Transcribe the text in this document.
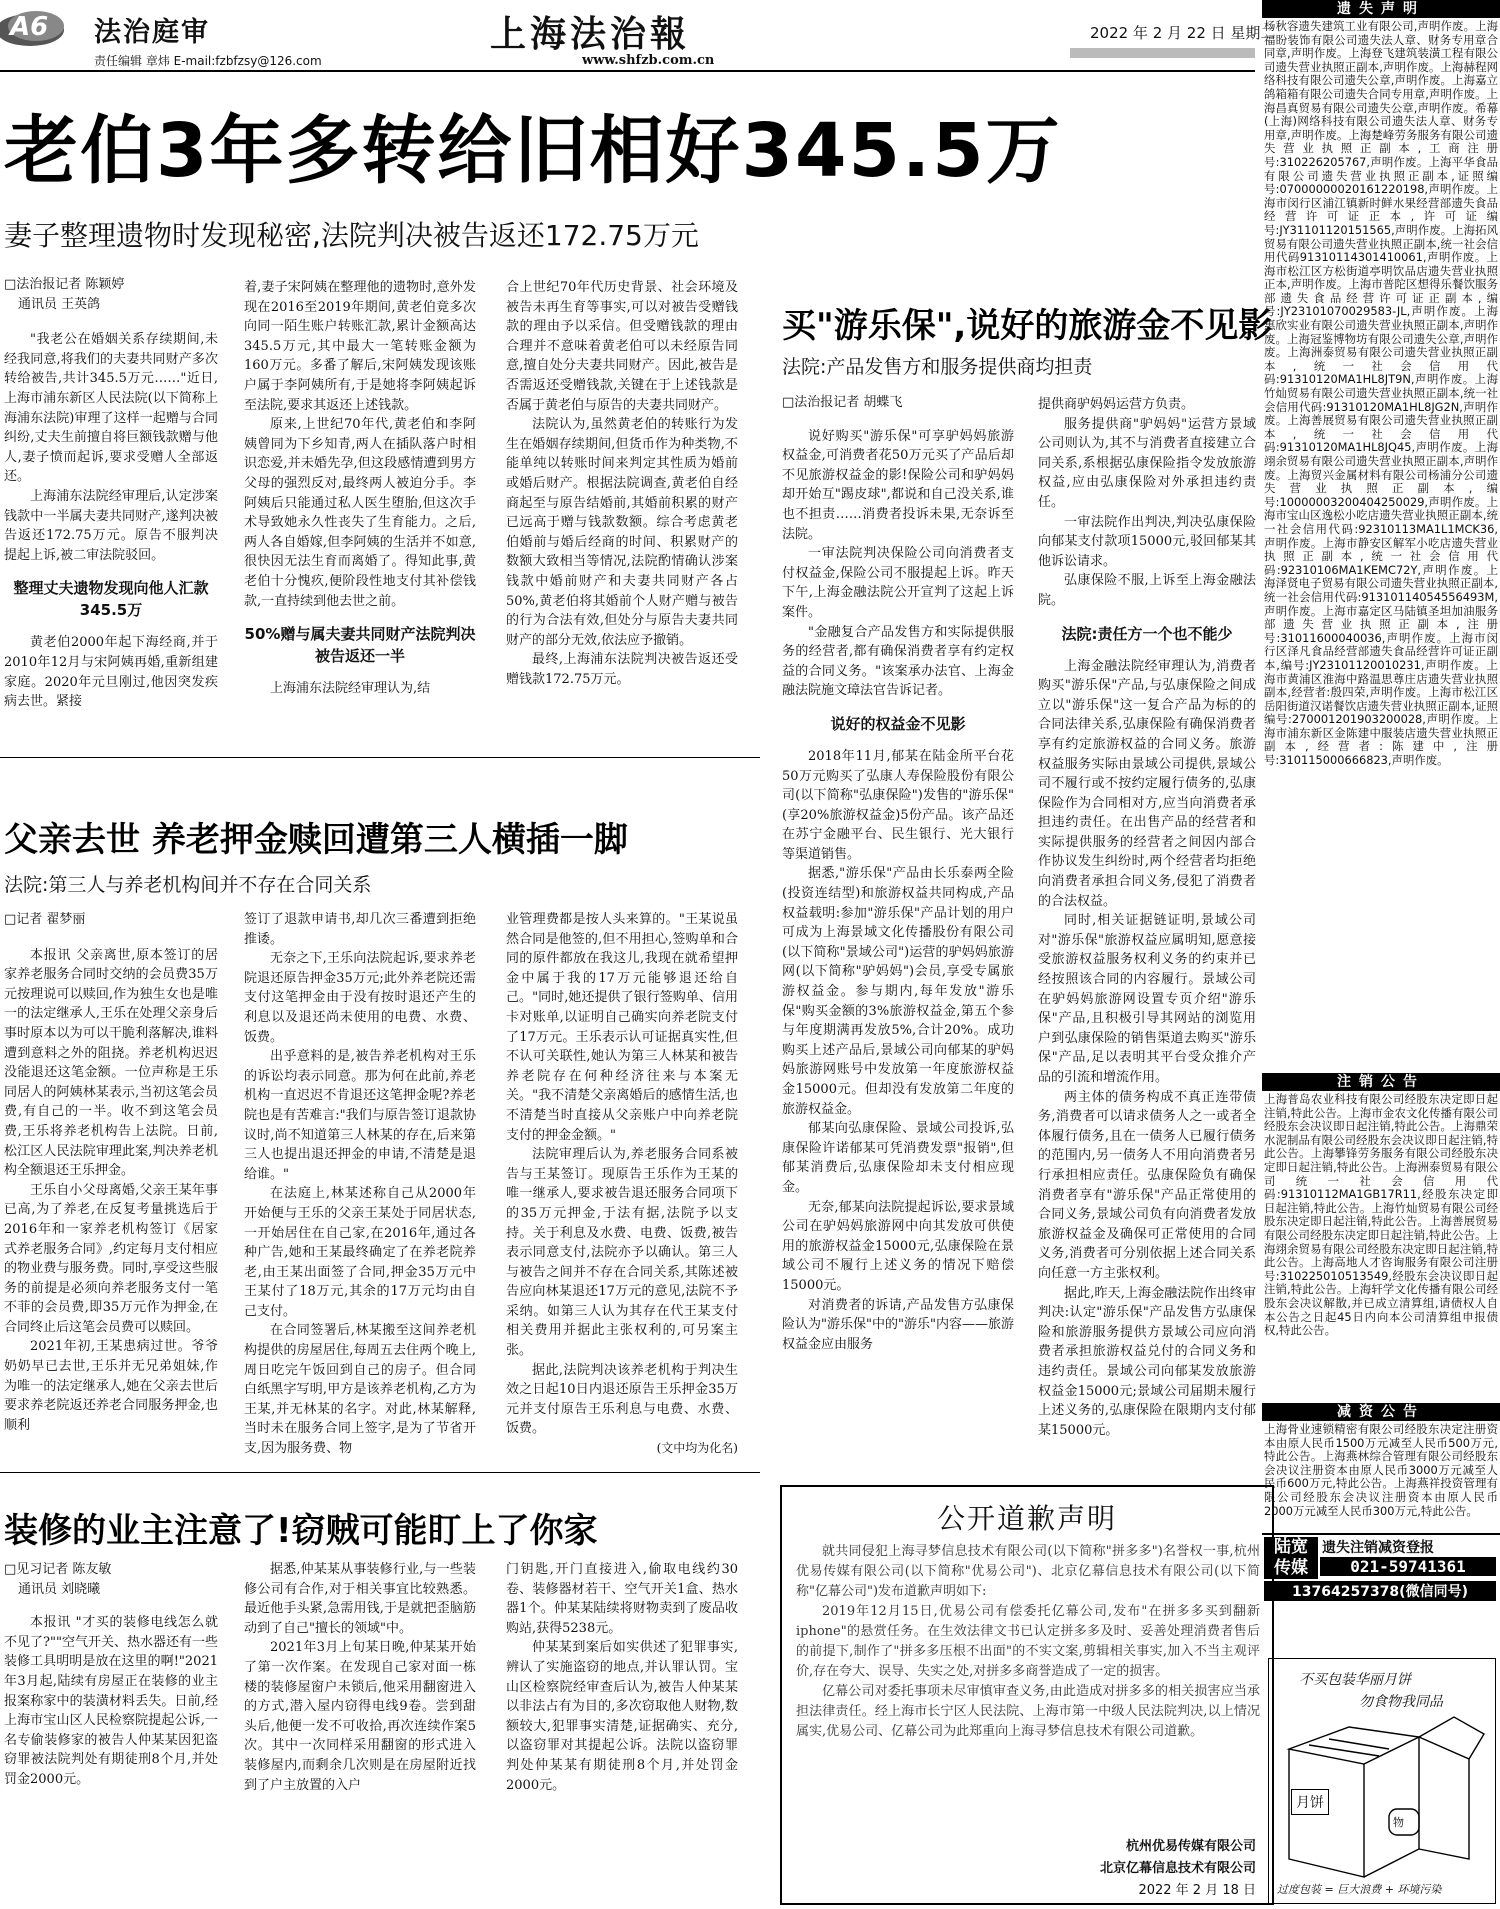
A6 法治庭审
责任编辑 章炜 E-mail:fzbfzsy@126.com
上海法治報
www.shfzb.com.cn
2022 年 2 月 22 日 星期二
老伯3年多转给旧相好345.5万
妻子整理遗物时发现秘密,法院判决被告返还172.75万元
□法治报记者 陈颖婷
通讯员 王英鸽

"我老公在婚姻关系存续期间,未经我同意,将我们的夫妻共同财产多次转给被告,共计345.5万元……"近日,上海市浦东新区人民法院(以下简称上海浦东法院)审理了这样一起赠与合同纠纷,丈夫生前擅自将巨额钱款赠与他人,妻子愤而起诉,要求受赠人全部返还。

上海浦东法院经审理后,认定涉案钱款中一半属夫妻共同财产,遂判决被告返还172.75万元。原告不服判决提起上诉,被二审法院驳回。

整理丈夫遗物发现向他人汇款345.5万

黄老伯2000年起下海经商,并于2010年12月与宋阿姨再婚,重新组建家庭。2020年元旦刚过,他因突发疾病去世。紧接

着,妻子宋阿姨在整理他的遗物时,意外发现在2016至2019年期间,黄老伯竟多次向同一陌生账户转账汇款,累计金额高达345.5万元,其中最大一笔转账金额为160万元。多番了解后,宋阿姨发现该账户属于李阿姨所有,于是她将李阿姨起诉至法院,要求其返还上述钱款。

原来,上世纪70年代,黄老伯和李阿姨曾同为下乡知青,两人在插队落户时相识恋爱,并未婚先孕,但这段感情遭到男方父母的强烈反对,最终两人被迫分手。李阿姨后只能通过私人医生堕胎,但这次手术导致她永久性丧失了生育能力。之后,两人各自婚嫁,但李阿姨的生活并不如意,很快因无法生育而离婚了。得知此事,黄老伯十分愧疚,便阶段性地支付其补偿钱款,一直持续到他去世之前。

50%赠与属夫妻共同财产法院判决被告返还一半

上海浦东法院经审理认为,结

合上世纪70年代历史背景、社会环境及被告未再生育等事实,可以对被告受赠钱款的理由予以采信。但受赠钱款的理由合理并不意味着黄老伯可以未经原告同意,擅自处分夫妻共同财产。因此,被告是否需返还受赠钱款,关键在于上述钱款是否属于黄老伯与原告的夫妻共同财产。

法院认为,虽然黄老伯的转账行为发生在婚姻存续期间,但货币作为种类物,不能单纯以转账时间来判定其性质为婚前或婚后财产。根据法院调查,黄老伯自经商起至与原告结婚前,其婚前积累的财产已远高于赠与钱款数额。综合考虑黄老伯婚前与婚后经商的时间、积累财产的数额大致相当等情况,法院酌情确认涉案钱款中婚前财产和夫妻共同财产各占50%,黄老伯将其婚前个人财产赠与被告的行为合法有效,但处分与原告夫妻共同财产的部分无效,依法应予撤销。

最终,上海浦东法院判决被告返还受赠钱款172.75万元。

父亲去世 养老押金赎回遭第三人横插一脚
法院:第三人与养老机构间并不存在合同关系
□记者 翟梦丽

本报讯 父亲离世,原本签订的居家养老服务合同时交纳的会员费35万元按理说可以赎回,作为独生女也是唯一的法定继承人,王乐在处理父亲身后事时原本以为可以干脆利落解决,谁料遭到意料之外的阻挠。养老机构迟迟没能退还这笔金额。一位声称是王乐同居人的阿姨林某表示,当初这笔会员费,有自己的一半。收不到这笔会员费,王乐将养老机构告上法院。日前,松江区人民法院审理此案,判决养老机构全额退还王乐押金。

王乐自小父母离婚,父亲王某年事已高,为了养老,在反复考量挑选后于2016年和一家养老机构签订《居家式养老服务合同》,约定每月支付相应的物业费与服务费。同时,享受这些服务的前提是必须向养老服务支付一笔不菲的会员费,即35万元作为押金,在合同终止后这笔会员费可以赎回。

2021年初,王某患病过世。爷爷奶奶早已去世,王乐并无兄弟姐妹,作为唯一的法定继承人,她在父亲去世后要求养老院返还养老合同服务押金,也顺利

签订了退款申请书,却几次三番遭到拒绝推诿。

无奈之下,王乐向法院起诉,要求养老院退还原告押金35万元;此外养老院还需支付这笔押金由于没有按时退还产生的利息以及退还尚未使用的电费、水费、饭费。

出乎意料的是,被告养老机构对王乐的诉讼均表示同意。那为何在此前,养老机构一直迟迟不肯退还这笔押金呢?养老院也是有苦难言:"我们与原告签订退款协议时,尚不知道第三人林某的存在,后来第三人也提出退还押金的申请,不清楚是退给谁。"

在法庭上,林某述称自己从2000年开始便与王乐的父亲王某处于同居状态,一开始居住在自己家,在2016年,通过各种广告,她和王某最终确定了在养老院养老,由王某出面签了合同,押金35万元中王某付了18万元,其余的17万元均由自己支付。

在合同签署后,林某搬至这间养老机构提供的房屋居住,每周五去住两个晚上,周日吃完午饭回到自己的房子。但合同白纸黑字写明,甲方是该养老机构,乙方为王某,并无林某的名字。对此,林某解释,当时未在服务合同上签字,是为了节省开支,因为服务费、物

业管理费都是按人头来算的。"王某说虽然合同是他签的,但不用担心,签购单和合同的原件都放在我这儿,我现在就希望押金中属于我的17万元能够退还给自己。"同时,她还提供了银行签购单、信用卡对账单,以证明自己确实向养老院支付了17万元。王乐表示认可证据真实性,但不认可关联性,她认为第三人林某和被告养老院存在何种经济往来与本案无关。"我不清楚父亲离婚后的感情生活,也不清楚当时直接从父亲账户中向养老院支付的押金金额。"

法院审理后认为,养老服务合同系被告与王某签订。现原告王乐作为王某的唯一继承人,要求被告退还服务合同项下的35万元押金,于法有据,法院予以支持。关于利息及水费、电费、饭费,被告表示同意支付,法院亦予以确认。第三人与被告之间并不存在合同关系,其陈述被告应向林某退还17万元的意见,法院不予采纳。如第三人认为其存在代王某支付相关费用并据此主张权利的,可另案主张。

据此,法院判决该养老机构于判决生效之日起10日内退还原告王乐押金35万元并支付原告王乐利息与电费、水费、饭费。

(文中均为化名)
买"游乐保",说好的旅游金不见影
法院:产品发售方和服务提供商均担责
□法治报记者 胡蝶飞

说好购买"游乐保"可享驴妈妈旅游权益金,可消费者花50万元买了产品后却不见旅游权益金的影!保险公司和驴妈妈却开始互"踢皮球",都说和自己没关系,谁也不担责……消费者投诉未果,无奈诉至法院。

一审法院判决保险公司向消费者支付权益金,保险公司不服提起上诉。昨天下午,上海金融法院公开宣判了这起上诉案件。

"金融复合产品发售方和实际提供服务的经营者,都有确保消费者享有约定权益的合同义务。"该案承办法官、上海金融法院施文璋法官告诉记者。

说好的权益金不见影

2018年11月,郁某在陆金所平台花50万元购买了弘康人寿保险股份有限公司(以下简称"弘康保险")发售的"游乐保"(享20%旅游权益金)5份产品。该产品还在苏宁金融平台、民生银行、光大银行等渠道销售。

据悉,"游乐保"产品由长乐泰两全险(投资连结型)和旅游权益共同构成,产品权益载明:参加"游乐保"产品计划的用户可成为上海景域文化传播股份有限公司(以下简称"景域公司")运营的驴妈妈旅游网(以下简称"驴妈妈")会员,享受专属旅游权益金。参与期内,每年发放"游乐保"购买金额的3%旅游权益金,第五个参与年度期满再发放5%,合计20%。成功购买上述产品后,景域公司向郁某的驴妈妈旅游网账号中发放第一年度旅游权益金15000元。但却没有发放第二年度的旅游权益金。

郁某向弘康保险、景域公司投诉,弘康保险许诺郁某可凭消费发票"报销",但郁某消费后,弘康保险却未支付相应现金。

无奈,郁某向法院提起诉讼,要求景域公司在驴妈妈旅游网中向其发放可供使用的旅游权益金15000元,弘康保险在景域公司不履行上述义务的情况下赔偿15000元。

对消费者的诉请,产品发售方弘康保险认为"游乐保"中的"游乐"内容——旅游权益金应由服务

提供商驴妈妈运营方负责。

服务提供商"驴妈妈"运营方景域公司则认为,其不与消费者直接建立合同关系,系根据弘康保险指令发放旅游权益,应由弘康保险对外承担违约责任。

一审法院作出判决,判决弘康保险向郁某支付款项15000元,驳回郁某其他诉讼请求。

弘康保险不服,上诉至上海金融法院。

法院:责任方一个也不能少

上海金融法院经审理认为,消费者购买"游乐保"产品,与弘康保险之间成立以"游乐保"这一复合产品为标的的合同法律关系,弘康保险有确保消费者享有约定旅游权益的合同义务。旅游权益服务实际由景域公司提供,景域公司不履行或不按约定履行债务的,弘康保险作为合同相对方,应当向消费者承担违约责任。在出售产品的经营者和实际提供服务的经营者之间因内部合作协议发生纠纷时,两个经营者均拒绝向消费者承担合同义务,侵犯了消费者的合法权益。

同时,相关证据链证明,景域公司对"游乐保"旅游权益应属明知,愿意接受旅游权益服务权利义务的约束并已经按照该合同的内容履行。景域公司在驴妈妈旅游网设置专页介绍"游乐保"产品,且积极引导其网站的浏览用户到弘康保险的销售渠道去购买"游乐保"产品,足以表明其平台受众推介产品的引流和增流作用。

两主体的债务构成不真正连带债务,消费者可以请求债务人之一或者全体履行债务,且在一债务人已履行债务的范围内,另一债务人不用向消费者另行承担相应责任。弘康保险负有确保消费者享有"游乐保"产品正常使用的合同义务,景域公司负有向消费者发放旅游权益金及确保可正常使用的合同义务,消费者可分别依据上述合同关系向任意一方主张权利。

据此,昨天,上海金融法院作出终审判决:认定"游乐保"产品发售方弘康保险和旅游服务提供方景域公司应向消费者承担旅游权益兑付的合同义务和违约责任。景域公司向郁某发放旅游权益金15000元;景域公司届期未履行上述义务的,弘康保险在限期内支付郁某15000元。

装修的业主注意了!窃贼可能盯上了你家
□见习记者 陈友敏
通讯员 刘晓曦

本报讯 "才买的装修电线怎么就不见了?""空气开关、热水器还有一些装修工具明明是放在这里的啊!"2021年3月起,陆续有房屋正在装修的业主报案称家中的装潢材料丢失。日前,经上海市宝山区人民检察院提起公诉,一名专偷装修家的被告人仲某某因犯盗窃罪被法院判处有期徒刑8个月,并处罚金2000元。

据悉,仲某某从事装修行业,与一些装修公司有合作,对于相关事宜比较熟悉。最近他手头紧,急需用钱,于是就把歪脑筋动到了自己"擅长的领域"中。

2021年3月上旬某日晚,仲某某开始了第一次作案。在发现自己家对面一栋楼的装修屋窗户未锁后,他采用翻窗进入的方式,潜入屋内窃得电线9卷。尝到甜头后,他便一发不可收拾,再次连续作案5次。其中一次同样采用翻窗的形式进入装修屋内,而剩余几次则是在房屋附近找到了户主放置的入户

门钥匙,开门直接进入,偷取电线约30卷、装修器材若干、空气开关1盒、热水器1个。仲某某陆续将财物卖到了废品收购站,获得5238元。

仲某某到案后如实供述了犯罪事实,辨认了实施盗窃的地点,并认罪认罚。宝山区检察院经审查后认为,被告人仲某某以非法占有为目的,多次窃取他人财物,数额较大,犯罪事实清楚,证据确实、充分,以盗窃罪对其提起公诉。法院以盗窃罪判处仲某某有期徒刑8个月,并处罚金2000元。

公开道歉声明

就共同侵犯上海寻梦信息技术有限公司(以下简称"拼多多")名誉权一事,杭州优易传媒有限公司(以下简称"优易公司")、北京亿幕信息技术有限公司(以下简称"亿幕公司")发布道歉声明如下:

2019年12月15日,优易公司有偿委托亿幕公司,发布"在拼多多买到翻新iphone"的悬赏任务。在生效法律文书已认定拼多多及时、妥善处理消费者售后的前提下,制作了"拼多多压根不出面"的不实文案,剪辑相关事实,加入不当主观评价,存在夸大、误导、失实之处,对拼多多商誉造成了一定的损害。

亿幕公司对委托事项未尽审慎审查义务,由此造成对拼多多的相关损害应当承担法律责任。经上海市长宁区人民法院、上海市第一中级人民法院判决,以上情况属实,优易公司、亿幕公司为此郑重向上海寻梦信息技术有限公司道歉。

杭州优易传媒有限公司
北京亿幕信息技术有限公司
2022 年 2 月 18 日
遗失声明
杨秋容遗失建筑工业有限公司,声明作废。上海福盼装饰有限公司遗失法人章、财务专用章合同章,声明作废。上海登飞建筑装潢工程有限公司遗失营业执照正副本,声明作废。上海赫程网络科技有限公司遗失公章,声明作废。上海嘉立鸽箱箱有限公司遗失合同专用章,声明作废。上海昌真贸易有限公司遗失公章,声明作废。希幕(上海)网络科技有限公司遗失法人章、财务专用章,声明作废。上海楚峰劳务服务有限公司遗失营业执照正副本,工商注册号:310226205767,声明作废。上海平华食品有限公司遗失营业执照正副本,证照编号:07000000020161220198,声明作废。上海市闵行区浦江镇新时鲜水果经营部遗失食品经营许可证正本,许可证编号:JY31101120151565,声明作废。上海拓风贸易有限公司遗失营业执照正副本,统一社会信用代码91310114301410061,声明作废。上海市松江区方松街道亭明饮品店遗失营业执照正本,声明作废。上海市普陀区想得乐餐饮服务部遗失食品经营许可证正副本,编号:JY23101070029583-JL,声明作废。上海惠欣实业有限公司遗失营业执照正副本,声明作废。上海冠鉴博物坊有限公司遗失公章,声明作废。上海洲泰贸易有限公司遗失营业执照正副本,统一社会信用代码:91310120MA1HL8JT9N,声明作废。上海竹灿贸易有限公司遗失营业执照正副本,统一社会信用代码:91310120MA1HL8JG2N,声明作废。上海善展贸易有限公司遗失营业执照正副本,统一社会信用代码:91310120MA1HL8JQ45,声明作废。上海翊余贸易有限公司遗失营业执照正副本,声明作废。上海贸兴金属材料有限公司杨浦分公司遗失营业执照正副本,编号:10000003200404250029,声明作废。上海市宝山区逸松小吃店遗失营业执照正副本,统一社会信用代码:92310113MA1L1MCK36,声明作废。上海市静安区解军小吃店遗失营业执照正副本,统一社会信用代码:92310106MA1KEMC72Y,声明作废。上海泽贤电子贸易有限公司遗失营业执照正副本,统一社会信用代码:91310114054556493M,声明作废。上海市嘉定区马陆镇圣坦加油服务部遗失营业执照正副本,注册号:31011600040036,声明作废。上海市闵行区泽凡食品经营部遗失食品经营许可证正副本,编号:JY23101120010231,声明作废。上海市黄浦区淮海中路温思尊庄店遗失营业执照副本,经营者:殷四荣,声明作废。上海市松江区岳阳街道汉诺餐饮店遗失营业执照正副本,证照编号:270001201903200028,声明作废。上海市浦东新区金陈建中服装店遗失营业执照正副本,经营者:陈建中,注册号:310115000666823,声明作废。
注销公告
上海普岛农业科技有限公司经股东决定即日起注销,特此公告。上海市金农文化传播有限公司经股东会决议即日起注销,特此公告。上海鼎荣水泥制品有限公司经股东会决议即日起注销,特此公告。上海攀锋劳务服务有限公司经股东决定即日起注销,特此公告。上海洲泰贸易有限公司统一社会信用代码:91310112MA1GB17R11,经股东决定即日起注销,特此公告。上海竹灿贸易有限公司经股东决定即日起注销,特此公告。上海善展贸易有限公司经股东决定即日起注销,特此公告。上海翊余贸易有限公司经股东决定即日起注销,特此公告。上海高地人才咨询服务有限公司注册号:310225010513549,经股东会决议即日起注销,特此公告。上海轩学文化传播有限公司经股东会决议解散,并已成立清算组,请债权人自本公告之日起45日内向本公司清算组申报债权,特此公告。
减资公告
上海骨业速锁精密有限公司经股东决定注册资本由原人民币1500万元减至人民币500万元,特此公告。上海燕林综合管理有限公司经股东会决议注册资本由原人民币3000万元减至人民币600万元,特此公告。上海燕祥投资管理有限公司经股东会决议注册资本由原人民币2000万元减至人民币300万元,特此公告。
陆宽
传媒
遗失注销减资登报
021-59741361
13764257378(微信同号)
不买包装华丽月饼
勿食物我同品
月饼
物
过度包装 = 巨大浪费 + 环境污染
